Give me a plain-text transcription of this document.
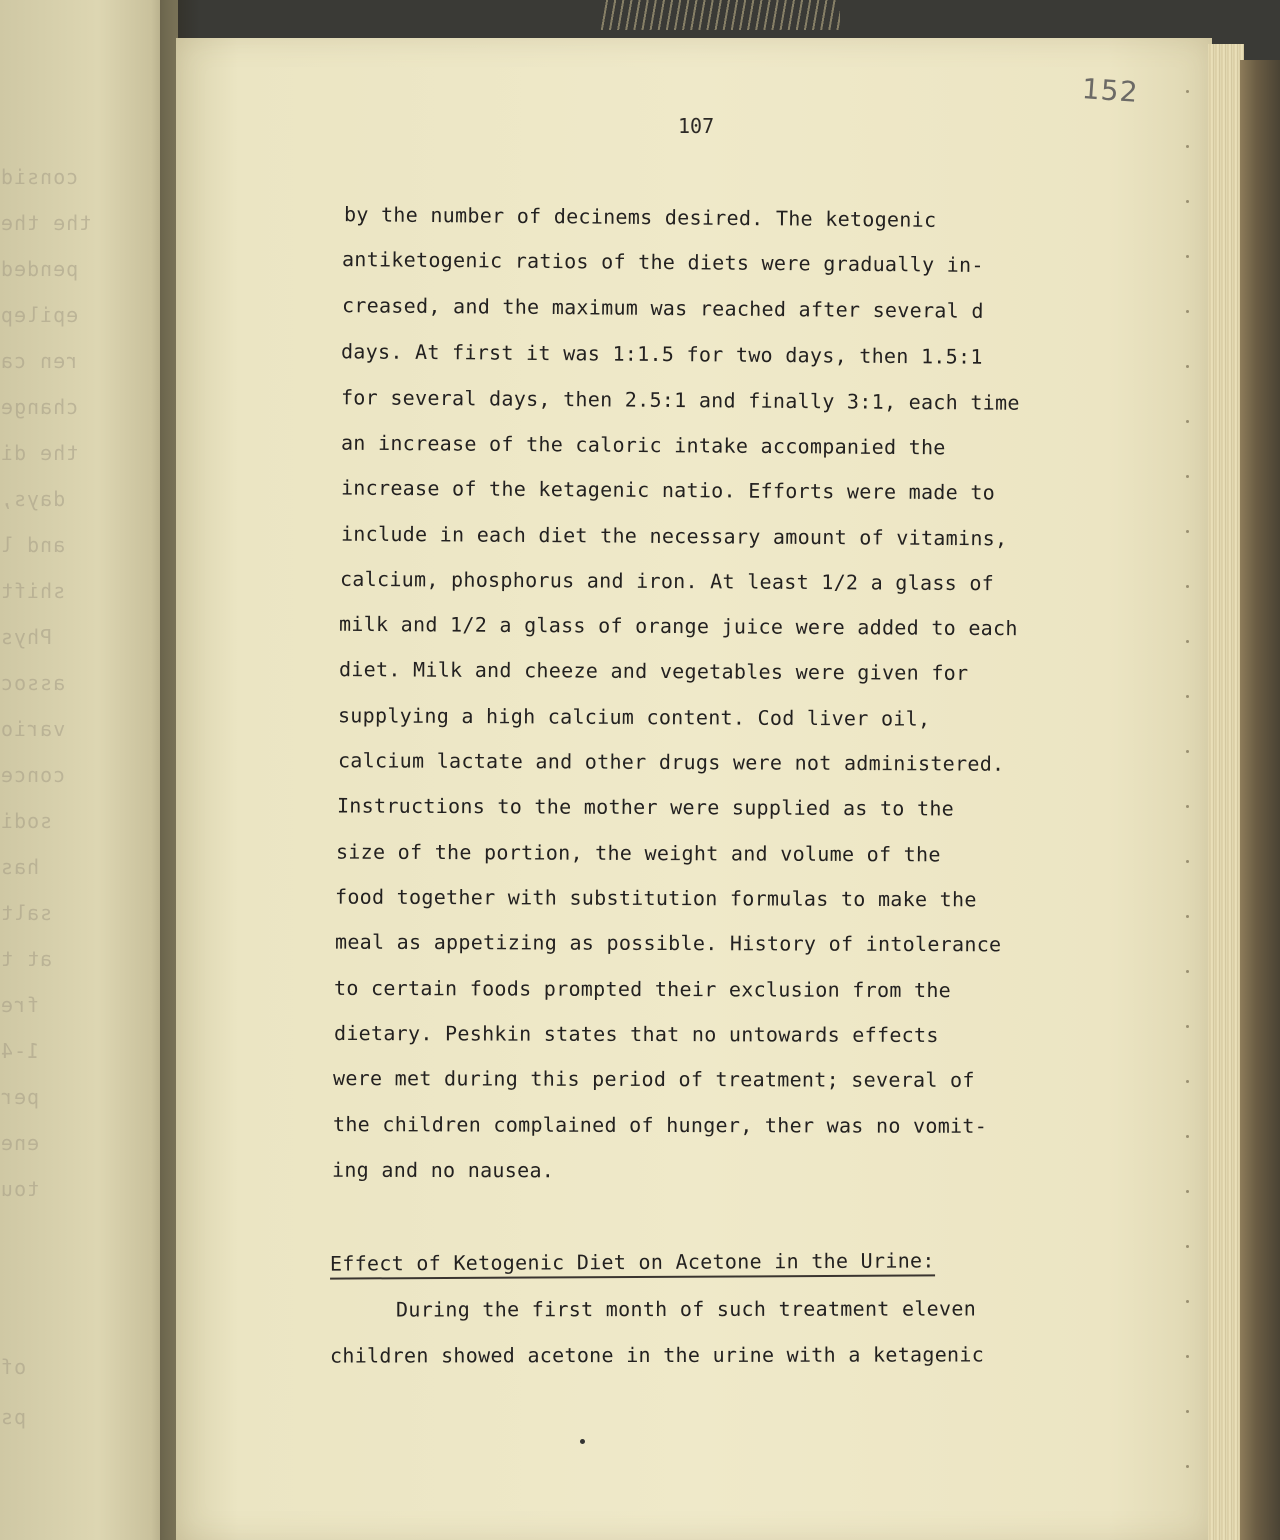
consid
the the
pended
epilep
ren ca
change
the di
days,
and l
shift
Phys
assoc
vario
conce
sodi
has
salt
at t
fre
1-4
per
ene
tou
of
ps
152
107
by the number of decinems desired. The ketogenic
antiketogenic ratios of the diets were gradually in-
creased, and the maximum was reached after several d
days. At first it was 1:1.5 for two days, then 1.5:1
for several days, then 2.5:1 and finally 3:1, each time
an increase of the caloric intake accompanied the
increase of the ketagenic natio. Efforts were made to
include in each diet the necessary amount of vitamins,
calcium, phosphorus and iron. At least 1/2 a glass of
milk and 1/2 a glass of orange juice were added to each
diet. Milk and cheeze and vegetables were given for
supplying a high calcium content. Cod liver oil,
calcium lactate and other drugs were not administered.
Instructions to the mother were supplied as to the
size of the portion, the weight and volume of the
food together with substitution formulas to make the
meal as appetizing as possible. History of intolerance
to certain foods prompted their exclusion from the
dietary. Peshkin states that no untowards effects
were met during this period of treatment; several of
the children complained of hunger, ther was no vomit-
ing and no nausea.
Effect of Ketogenic Diet on Acetone in the Urine:
During the first month of such treatment eleven
children showed acetone in the urine with a ketagenic
